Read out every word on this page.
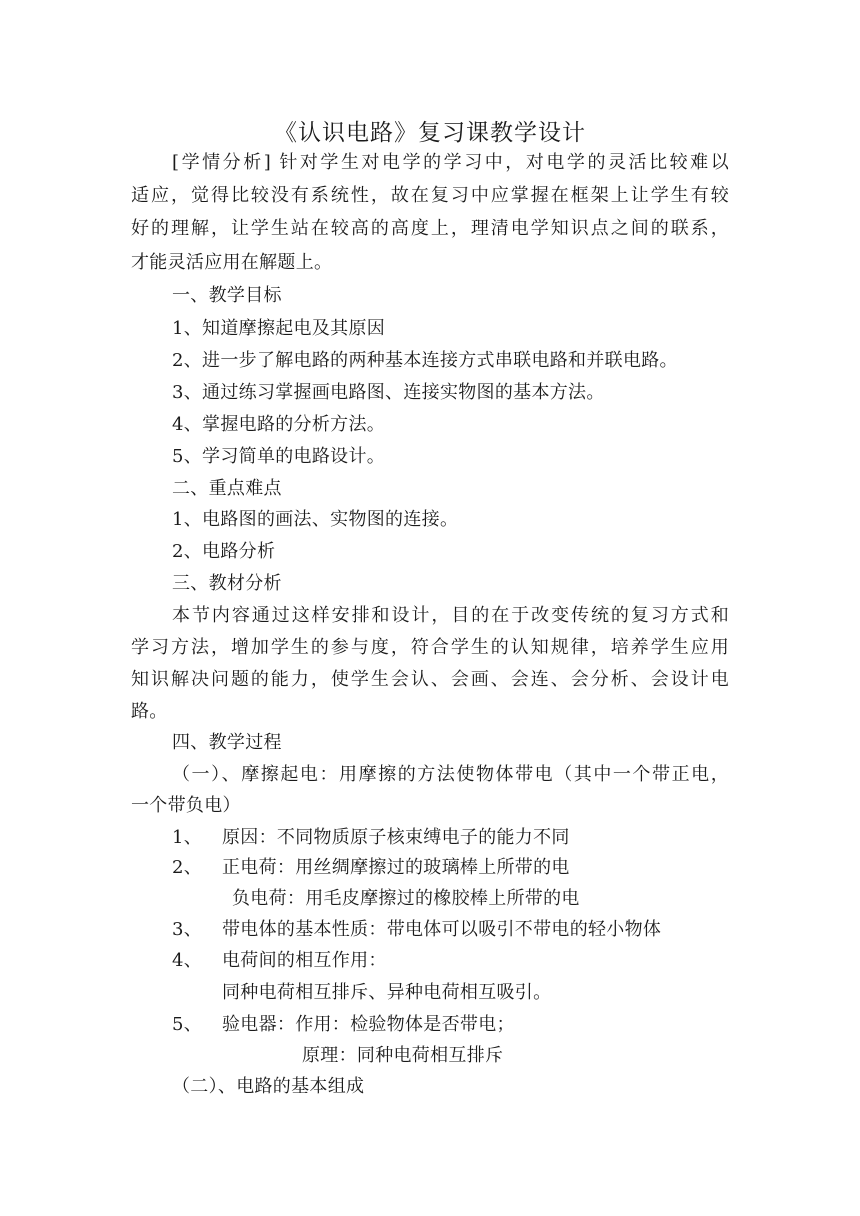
《认识电路》复习课教学设计
[学情分析] 针对学生对电学的学习中，对电学的灵活比较难以
适应，觉得比较没有系统性，故在复习中应掌握在框架上让学生有较
好的理解，让学生站在较高的高度上，理清电学知识点之间的联系，
才能灵活应用在解题上。
一、教学目标
1、知道摩擦起电及其原因
2、进一步了解电路的两种基本连接方式串联电路和并联电路。
3、通过练习掌握画电路图、连接实物图的基本方法。
4、掌握电路的分析方法。
5、学习简单的电路设计。
二、重点难点
1、电路图的画法、实物图的连接。
2、电路分析
三、教材分析
本节内容通过这样安排和设计，目的在于改变传统的复习方式和
学习方法，增加学生的参与度，符合学生的认知规律，培养学生应用
知识解决问题的能力，使学生会认、会画、会连、会分析、会设计电
路。
四、教学过程
（一）、摩擦起电：用摩擦的方法使物体带电（其中一个带正电，
一个带负电）
1、 原因：不同物质原子核束缚电子的能力不同
2、 正电荷：用丝绸摩擦过的玻璃棒上所带的电
负电荷：用毛皮摩擦过的橡胶棒上所带的电
3、 带电体的基本性质：带电体可以吸引不带电的轻小物体
4、 电荷间的相互作用：
同种电荷相互排斥、异种电荷相互吸引。
5、 验电器：作用：检验物体是否带电；
原理：同种电荷相互排斥
（二）、电路的基本组成
